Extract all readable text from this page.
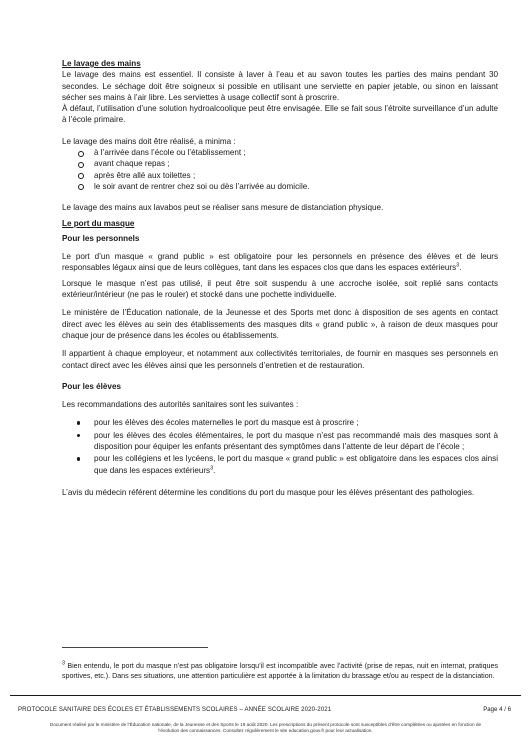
Le lavage des mains

Le lavage des mains est essentiel. Il consiste à laver à l’eau et au savon toutes les parties des mains pendant 30 secondes. Le séchage doit être soigneux si possible en utilisant une serviette en papier jetable, ou sinon en laissant sécher ses mains à l’air libre. Les serviettes à usage collectif sont à proscrire.

À défaut, l’utilisation d’une solution hydroalcoolique peut être envisagée. Elle se fait sous l’étroite surveillance d’un adulte à l’école primaire.

Le lavage des mains doit être réalisé, a minima :

à l’arrivée dans l’école ou l’établissement ;
avant chaque repas ;
après être allé aux toilettes ;
le soir avant de rentrer chez soi ou dès l’arrivée au domicile.

Le lavage des mains aux lavabos peut se réaliser sans mesure de distanciation physique.

Le port du masque

Pour les personnels

Le port d’un masque « grand public » est obligatoire pour les personnels en présence des élèves et de leurs responsables légaux ainsi que de leurs collègues, tant dans les espaces clos que dans les espaces extérieurs$^3$.

Lorsque le masque n’est pas utilisé, il peut être soit suspendu à une accroche isolée, soit replié sans contacts extérieur/intérieur (ne pas le rouler) et stocké dans une pochette individuelle.

Le ministère de l’Éducation nationale, de la Jeunesse et des Sports met donc à disposition de ses agents en contact direct avec les élèves au sein des établissements des masques dits « grand public », à raison de deux masques pour chaque jour de présence dans les écoles ou établissements.

Il appartient à chaque employeur, et notamment aux collectivités territoriales, de fournir en masques ses personnels en contact direct avec les élèves ainsi que les personnels d’entretien et de restauration.

Pour les élèves

Les recommandations des autorités sanitaires sont les suivantes :

pour les élèves des écoles maternelles le port du masque est à proscrire ;
pour les élèves des écoles élémentaires, le port du masque n’est pas recommandé mais des masques sont à disposition pour équiper les enfants présentant des symptômes dans l’attente de leur départ de l’école ;
pour les collégiens et les lycéens, le port du masque « grand public » est obligatoire dans les espaces clos ainsi que dans les espaces extérieurs$^3$.

L’avis du médecin référent détermine les conditions du port du masque pour les élèves présentant des pathologies.

$^3$ Bien entendu, le port du masque n’est pas obligatoire lorsqu’il est incompatible avec l’activité (prise de repas, nuit en internat, pratiques sportives, etc.). Dans ses situations, une attention particulière est apportée à la limitation du brassage et/ou au respect de la distanciation.

PROTOCOLE SANITAIRE DES ÉCOLES ET ÉTABLISSEMENTS SCOLAIRES – ANNÉE SCOLAIRE 2020-2021	Page 4 / 6
Document réalisé par le ministère de l’Éducation nationale, de la Jeunesse et des Sports le 19 août 2020. Les prescriptions du présent protocole sont susceptibles d’être complétées ou ajustées en fonction de
l’évolution des connaissances. Consultez régulièrement le site education.gouv.fr pour leur actualisation.
